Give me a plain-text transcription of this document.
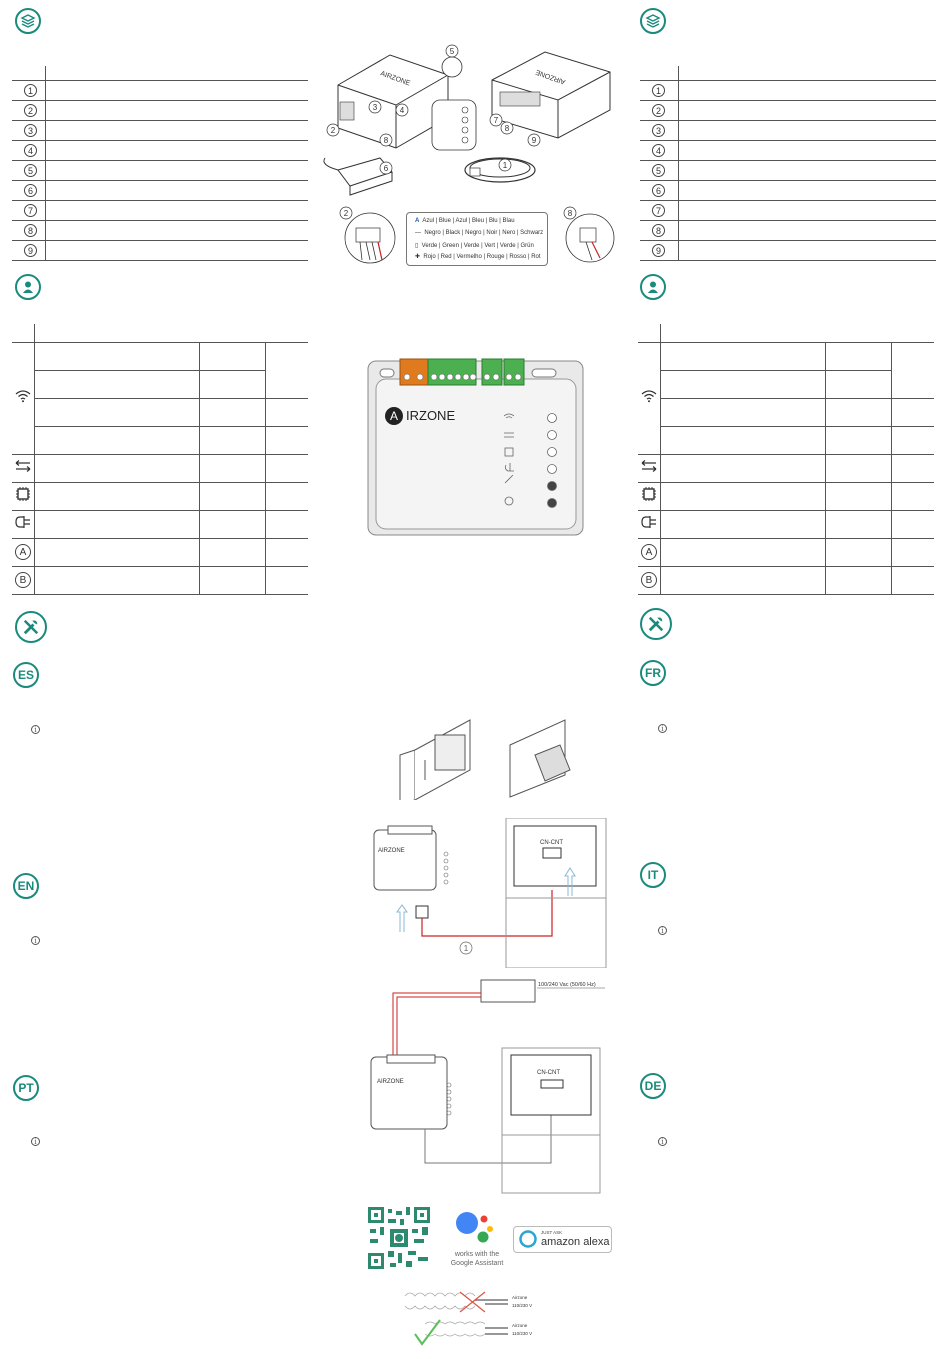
1	

2	

3	

4	

5	

6	

7	

8	

9	

A			

B			

ES
i
EN
i
PT
i

1	

2	

3	

4	

5	

6	

7	

8	

9	

A			

B			

FR
i
IT
i
DE
i
AIRZONE	AIRZONE
5
3	4
2
8
7
8
9
1
6
2	8
A Azul | Blue | Azul | Bleu | Blu | Blau
— Negro | Black | Negro | Noir | Nero | Schwarz
▯ Verde | Green | Verde | Vert | Verde | Grün
✚ Rojo | Red | Vermelho | Rouge | Rosso | Rot
A IRZONE
AIRZONE
CN-CNT
1
100/240 Vac (50/60 Hz)
AIRZONE
CN-CNT
works with the
Google Assistant
JUST ASK
amazon alexa
Airzone
110/230 V
Airzone
110/230 V
